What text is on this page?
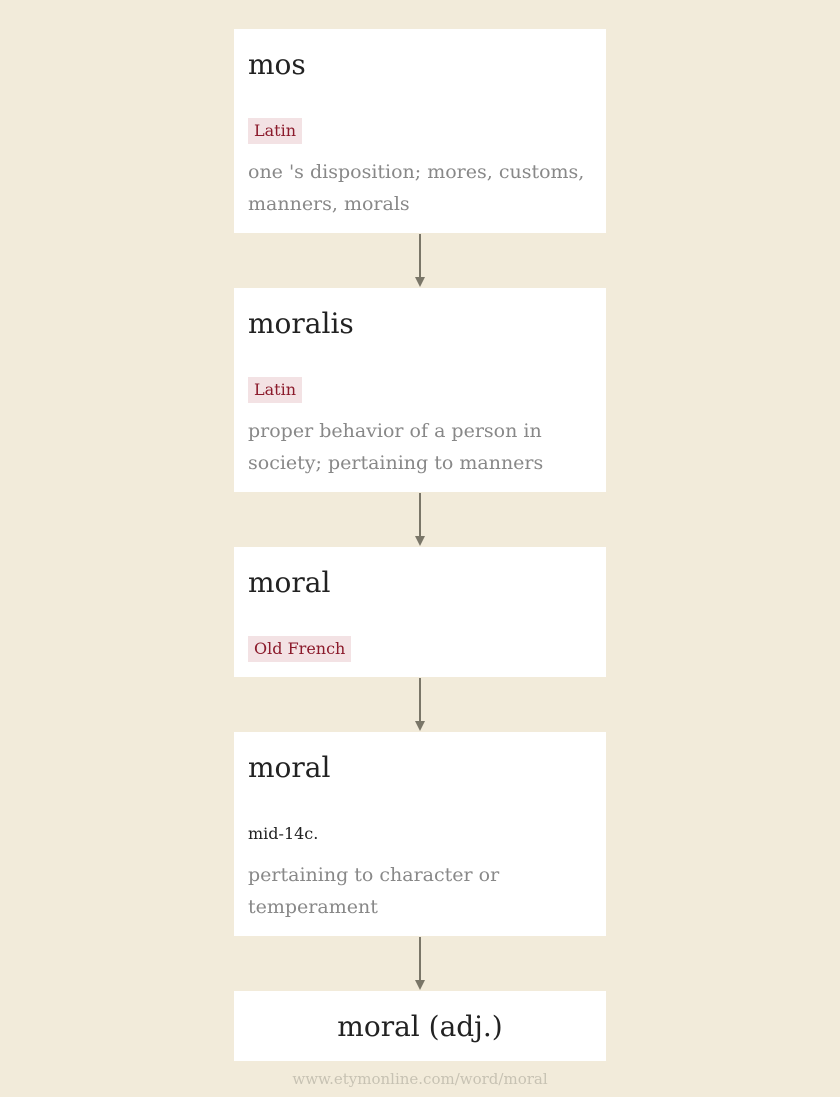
mos
Latin
one 's disposition; mores, customs, manners, morals
moralis
Latin
proper behavior of a person in society; pertaining to manners
moral
Old French
moral
mid-14c.
pertaining to character or temperament
moral (adj.)
www.etymonline.com/word/moral
